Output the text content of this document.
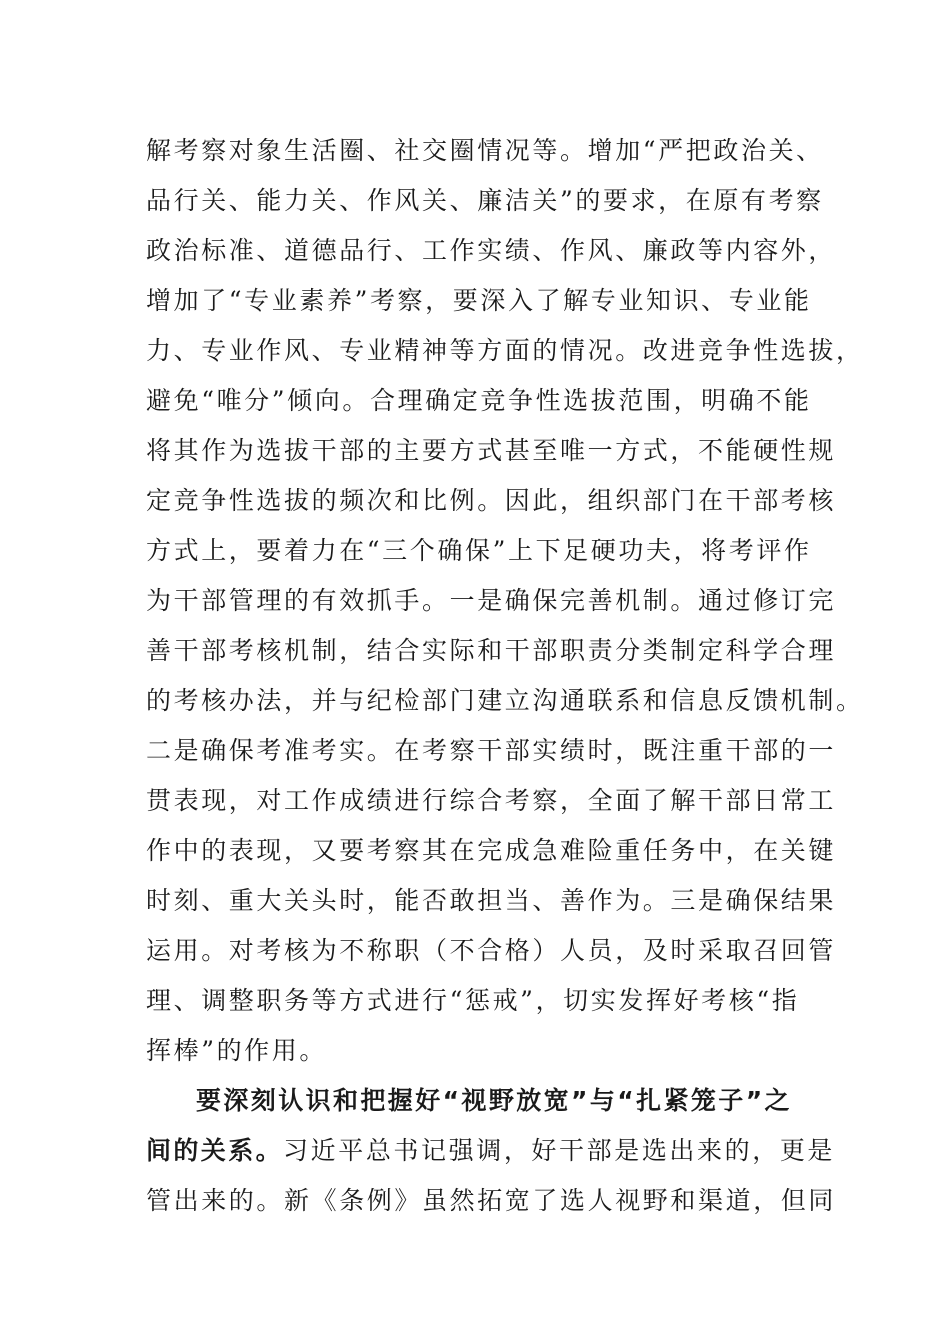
解考察对象生活圈、社交圈情况等。增加“严把政治关、
品行关、能力关、作风关、廉洁关”的要求，在原有考察
政治标准、道德品行、工作实绩、作风、廉政等内容外，
增加了“专业素养”考察，要深入了解专业知识、专业能
力、专业作风、专业精神等方面的情况。改进竞争性选拔，
避免“唯分”倾向。合理确定竞争性选拔范围，明确不能
将其作为选拔干部的主要方式甚至唯一方式，不能硬性规
定竞争性选拔的频次和比例。因此，组织部门在干部考核
方式上，要着力在“三个确保”上下足硬功夫，将考评作
为干部管理的有效抓手。一是确保完善机制。通过修订完
善干部考核机制，结合实际和干部职责分类制定科学合理
的考核办法，并与纪检部门建立沟通联系和信息反馈机制。
二是确保考准考实。在考察干部实绩时，既注重干部的一
贯表现，对工作成绩进行综合考察，全面了解干部日常工
作中的表现，又要考察其在完成急难险重任务中，在关键
时刻、重大关头时，能否敢担当、善作为。三是确保结果
运用。对考核为不称职（不合格）人员，及时采取召回管
理、调整职务等方式进行“惩戒”，切实发挥好考核“指
挥棒”的作用。
要深刻认识和把握好“视野放宽”与“扎紧笼子”之
间的关系。习近平总书记强调，好干部是选出来的，更是
管出来的。新《条例》虽然拓宽了选人视野和渠道，但同
